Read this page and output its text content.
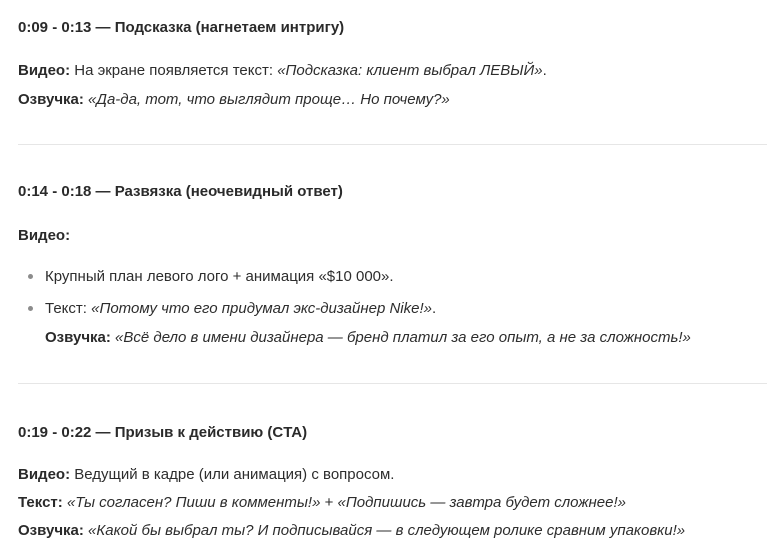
0:09 - 0:13 — Подсказка (нагнетаем интригу)
Видео: На экране появляется текст: «Подсказка: клиент выбрал ЛЕВЫЙ».
Озвучка: «Да-да, тот, что выглядит проще… Но почему?»
0:14 - 0:18 — Развязка (неочевидный ответ)
Видео:
Крупный план левого лого + анимация «$10 000».
Текст: «Потому что его придумал экс-дизайнер Nike!».
Озвучка: «Всё дело в имени дизайнера — бренд платил за его опыт, а не за сложность!»
0:19 - 0:22 — Призыв к действию (CTA)
Видео: Ведущий в кадре (или анимация) с вопросом.
Текст: «Ты согласен? Пиши в комменты!» + «Подпишись — завтра будет сложнее!»
Озвучка: «Какой бы выбрал ты? И подписывайся — в следующем ролике сравним упаковки!»
